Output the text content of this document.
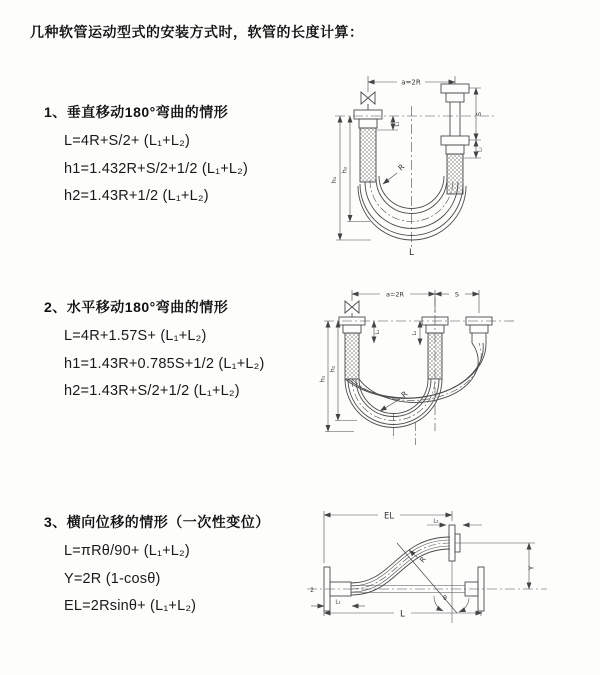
几种软管运动型式的安装方式时，软管的长度计算：
1、垂直移动180°弯曲的情形
L=4R+S/2+ (L₁+L₂)
h1=1.432R+S/2+1/2 (L₁+L₂)
h2=1.43R+1/2 (L₁+L₂)
a=2R
h₁
h₂
L₁
S
L₂
R
L
2、水平移动180°弯曲的情形
L=4R+1.57S+ (L₁+L₂)
h1=1.43R+0.785S+1/2 (L₁+L₂)
h2=1.43R+S/2+1/2 (L₁+L₂)
a=2R	S
h₁
h₂
L₁	L₂
R
3、横向位移的情形（一次性变位）
L=πRθ/90+ (L₁+L₂)
Y=2R (1-cosθ)
EL=2Rsinθ+ (L₁+L₂)
EL	L₂
Y
L
L₁
R
θ
z̄
